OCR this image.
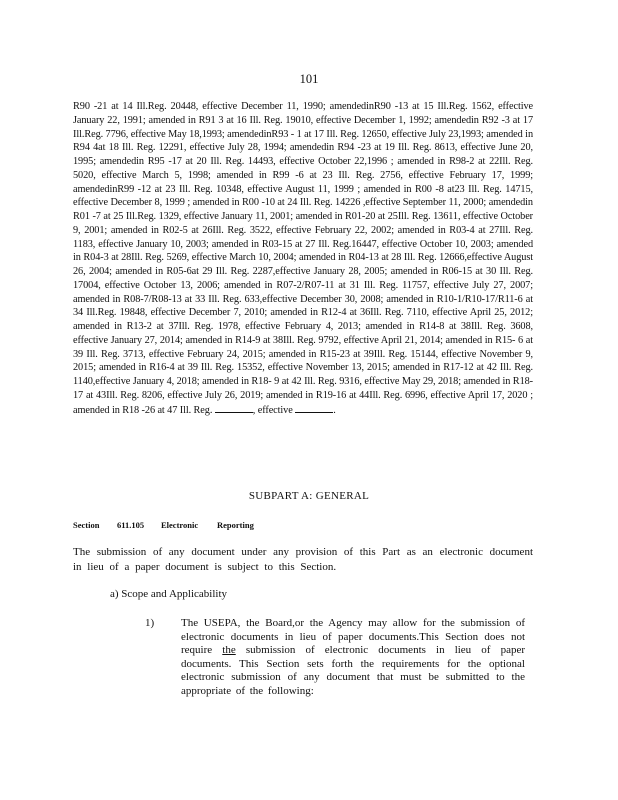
101
R90 -21 at 14 Ill.Reg. 20448, effective December 11, 1990; amendedinR90 -13 at 15 Ill.Reg. 1562, effective January 22, 1991; amended in R91 3 at 16 Ill. Reg. 19010, effective December 1, 1992; amendedin R92 -3 at 17 Ill.Reg. 7796, effective May 18,1993; amendedinR93 - 1 at 17 Ill. Reg. 12650, effective July 23,1993; amended in R94 4at 18 Ill. Reg. 12291, effective July 28, 1994; amendedin R94 -23 at 19 Ill. Reg. 8613, effective June 20, 1995; amendedin R95 -17 at 20 Ill. Reg. 14493, effective October 22,1996 ; amended in R98-2 at 22Ill. Reg. 5020, effective March 5, 1998; amended in R99 -6 at 23 Ill. Reg. 2756, effective February 17, 1999; amendedinR99 -12 at 23 Ill. Reg. 10348, effective August 11, 1999 ; amended in R00 -8 at23 Ill. Reg. 14715, effective December 8, 1999 ; amended in R00 -10 at 24 Ill. Reg. 14226 ,effective September 11, 2000; amendedin R01 -7 at 25 Ill.Reg. 1329, effective January 11, 2001; amended in R01-20 at 25Ill. Reg. 13611, effective October 9, 2001; amended in R02-5 at 26Ill. Reg. 3522, effective February 22, 2002; amended in R03-4 at 27Ill. Reg. 1183, effective January 10, 2003; amended in R03-15 at 27 Ill. Reg.16447, effective October 10, 2003; amended in R04-3 at 28Ill. Reg. 5269, effective March 10, 2004; amended in R04-13 at 28 Ill. Reg. 12666,effective August 26, 2004; amended in R05-6at 29 Ill. Reg. 2287,effective January 28, 2005; amended in R06-15 at 30 Ill. Reg. 17004, effective October 13, 2006; amended in R07-2/R07-11 at 31 Ill. Reg. 11757, effective July 27, 2007; amended in R08-7/R08-13 at 33 Ill. Reg. 633,effective December 30, 2008; amended in R10-1/R10-17/R11-6 at 34 Ill.Reg. 19848, effective December 7, 2010; amended in R12-4 at 36Ill. Reg. 7110, effective April 25, 2012; amended in R13-2 at 37Ill. Reg. 1978, effective February 4, 2013; amended in R14-8 at 38Ill. Reg. 3608, effective January 27, 2014; amended in R14-9 at 38Ill. Reg. 9792, effective April 21, 2014; amended in R15- 6 at 39 Ill. Reg. 3713, effective February 24, 2015; amended in R15-23 at 39Ill. Reg. 15144, effective November 9, 2015; amended in R16-4 at 39 Ill. Reg. 15352, effective November 13, 2015; amended in R17-12 at 42 Ill. Reg. 1140,effective January 4, 2018; amended in R18- 9 at 42 Ill. Reg. 9316, effective May 29, 2018; amended in R18-17 at 43Ill. Reg. 8206, effective July 26, 2019; amended in R19-16 at 44Ill. Reg. 6996, effective April 17, 2020 ; amended in R18 -26 at 47 Ill. Reg.	, effective	.
SUBPART A: GENERAL
Section	611.105	Electronic	Reporting
The submission of any document under any provision of this Part as an electronic document in lieu of a paper document is subject to this Section.
a) Scope and Applicability
1) The USEPA, the Board,or the Agency may allow for the submission of electronic documents in lieu of paper documents.This Section does not require the submission of electronic documents in lieu of paper documents. This Section sets forth the requirements for the optional electronic submission of any document that must be submitted to the appropriate of the following:
